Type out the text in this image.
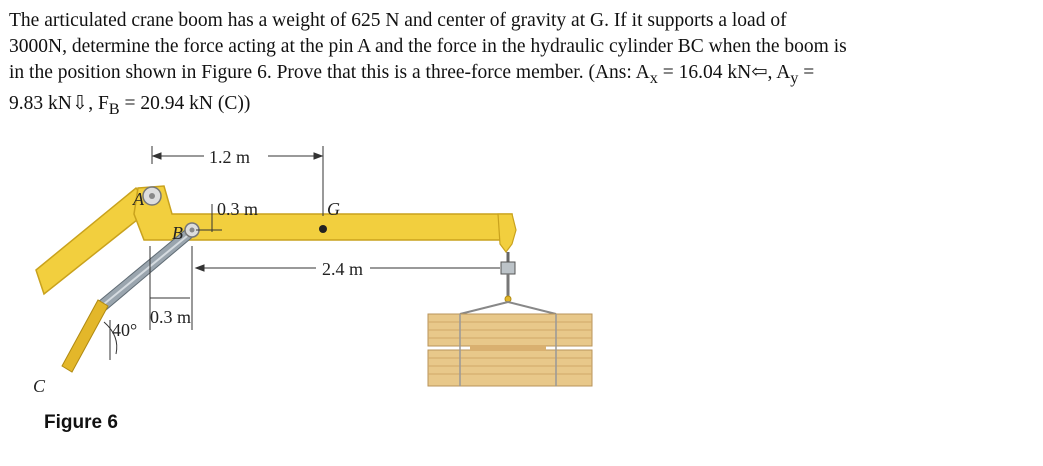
The articulated crane boom has a weight of 625 N and center of gravity at G. If it supports a load of
3000N, determine the force acting at the pin A and the force in the hydraulic cylinder BC when the boom is
in the position shown in Figure 6. Prove that this is a three-force member. (Ans: $A_x = 16.04$ kN⇦, $A_y$ =
9.83 kN⇩, $F_B = 20.94$ kN (C))
1.2 m
A
B
0.3 m	G
2.4 m
0.3 m
40°
C
Figure 6
